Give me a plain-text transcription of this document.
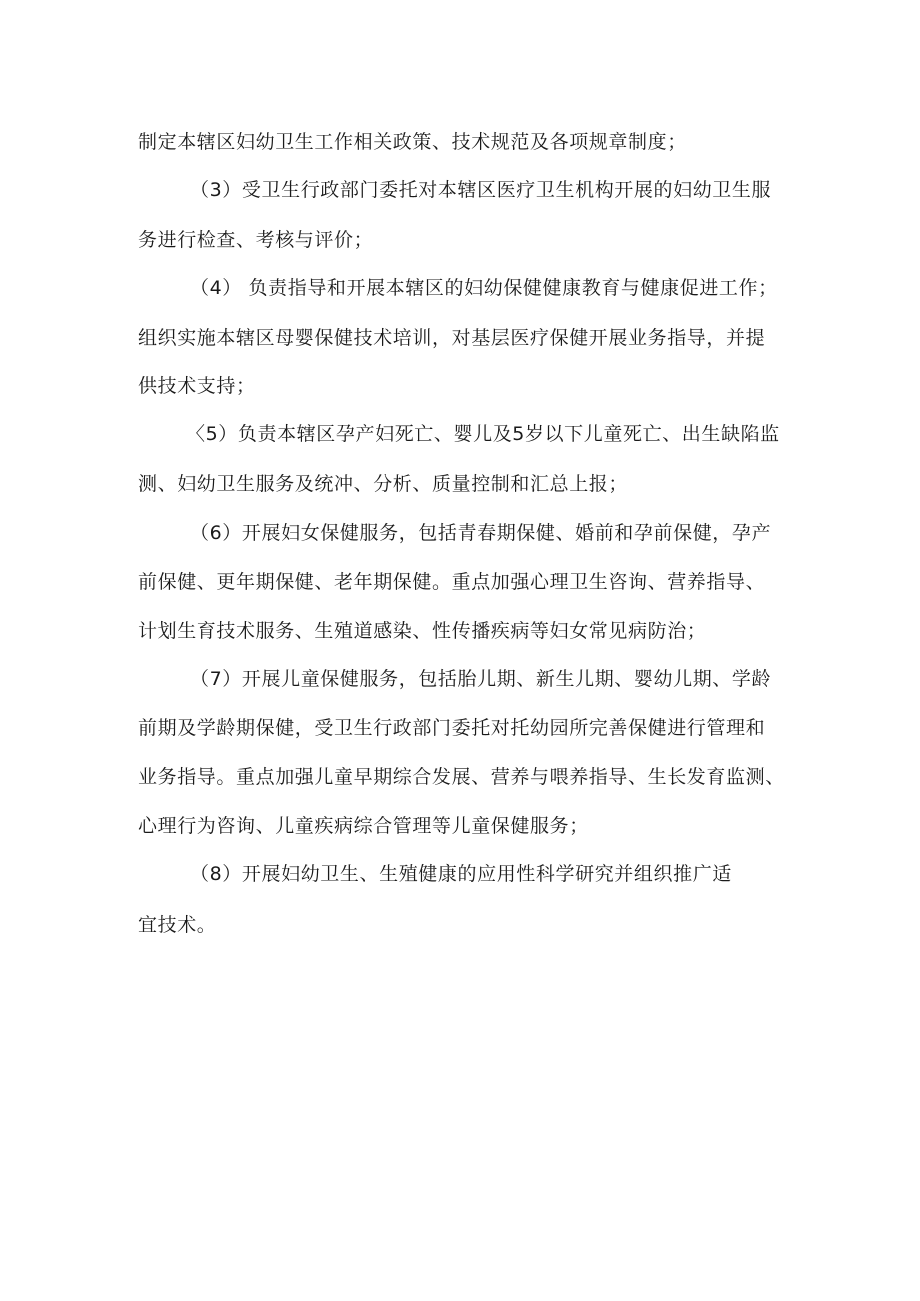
制定本辖区妇幼卫生工作相关政策、技术规范及各项规章制度；
（3）受卫生行政部门委托对本辖区医疗卫生机构开展的妇幼卫生服
务进行检查、考核与评价；
（4） 负责指导和开展本辖区的妇幼保健健康教育与健康促进工作；
组织实施本辖区母婴保健技术培训，对基层医疗保健开展业务指导，并提
供技术支持；
〈5）负责本辖区孕产妇死亡、婴儿及5岁以下儿童死亡、出生缺陷监
测、妇幼卫生服务及统冲、分析、质量控制和汇总上报；
（6）开展妇女保健服务，包括青春期保健、婚前和孕前保健，孕产
前保健、更年期保健、老年期保健。重点加强心理卫生咨询、营养指导、
计划生育技术服务、生殖道感染、性传播疾病等妇女常见病防治；
（7）开展儿童保健服务，包括胎儿期、新生儿期、婴幼儿期、学龄
前期及学龄期保健，受卫生行政部门委托对托幼园所完善保健进行管理和
业务指导。重点加强儿童早期综合发展、营养与喂养指导、生长发育监测、
心理行为咨询、儿童疾病综合管理等儿童保健服务；
（8）开展妇幼卫生、生殖健康的应用性科学研究并组织推广适
宜技术。
